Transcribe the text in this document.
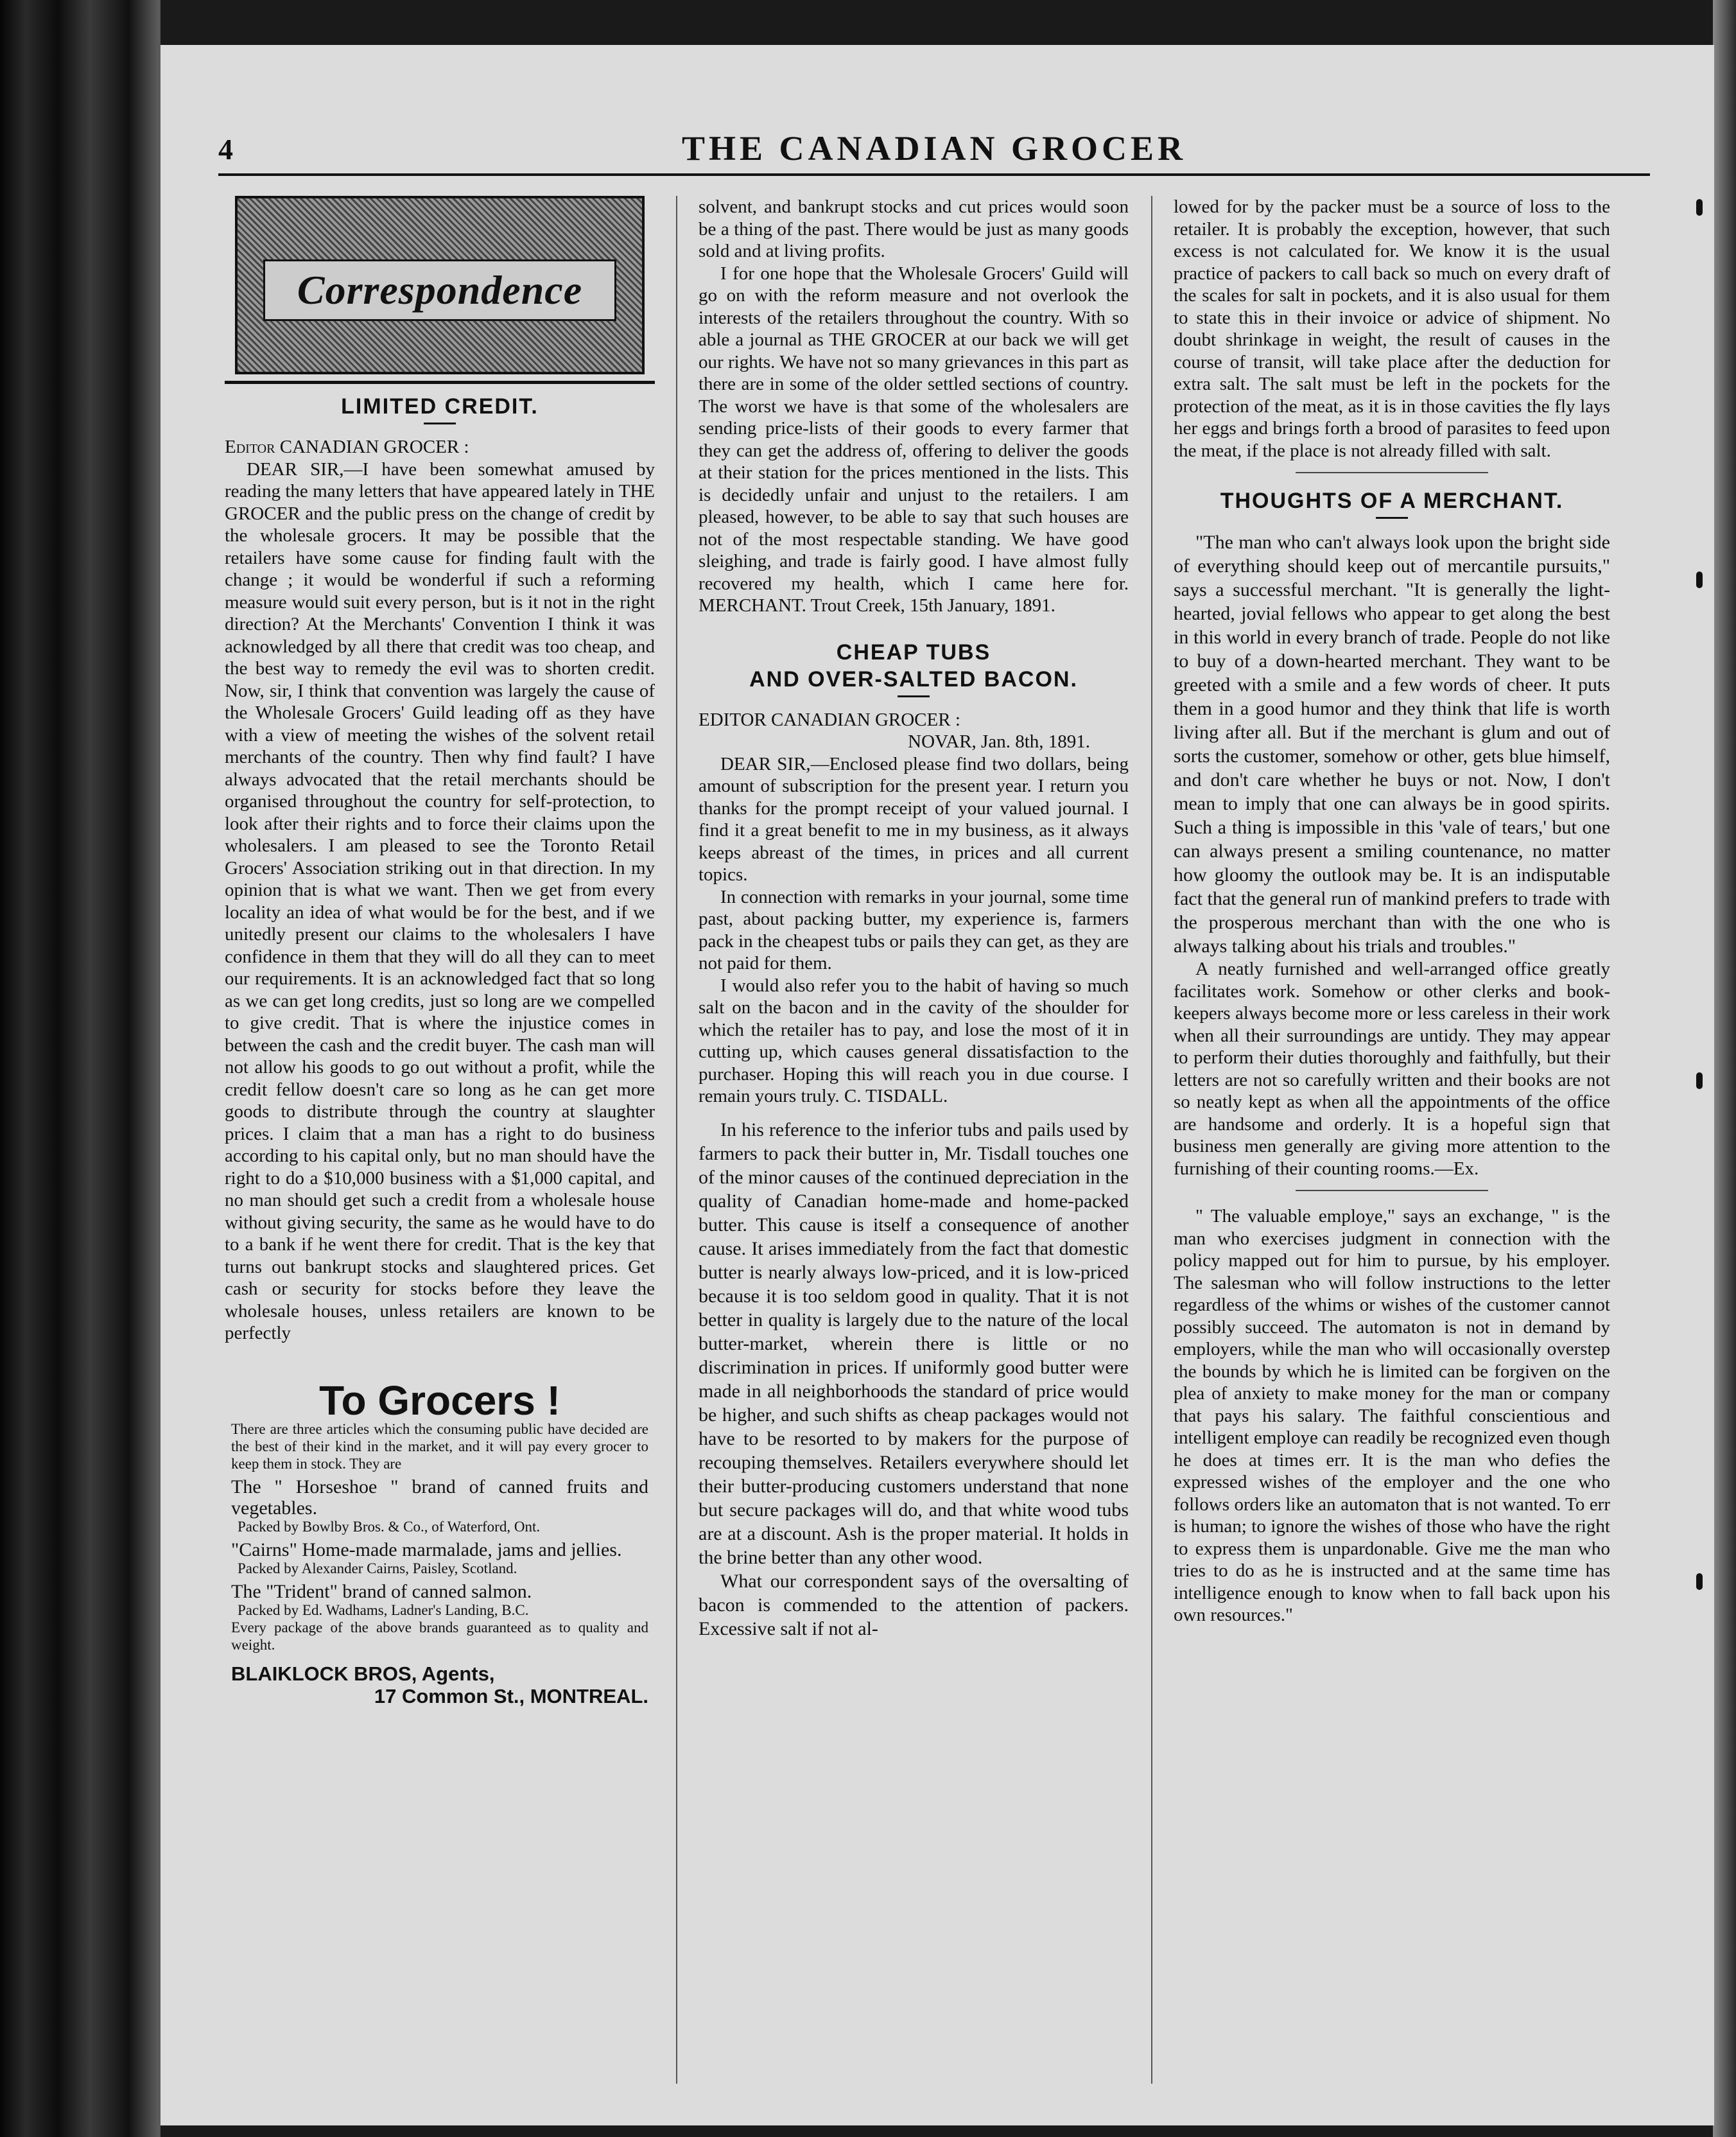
4	THE CANADIAN GROCER
Correspondence
LIMITED CREDIT.

Editor CANADIAN GROCER :

DEAR SIR,—I have been somewhat amused by reading the many letters that have appeared lately in THE GROCER and the public press on the change of credit by the wholesale grocers. It may be possible that the retailers have some cause for finding fault with the change ; it would be wonderful if such a reforming measure would suit every person, but is it not in the right direction? At the Merchants' Convention I think it was acknowledged by all there that credit was too cheap, and the best way to remedy the evil was to shorten credit. Now, sir, I think that convention was largely the cause of the Wholesale Grocers' Guild leading off as they have with a view of meeting the wishes of the solvent retail merchants of the country. Then why find fault? I have always advocated that the retail merchants should be organised throughout the country for self-protection, to look after their rights and to force their claims upon the wholesalers. I am pleased to see the Toronto Retail Grocers' Association striking out in that direction. In my opinion that is what we want. Then we get from every locality an idea of what would be for the best, and if we unitedly present our claims to the wholesalers I have confidence in them that they will do all they can to meet our requirements. It is an acknowledged fact that so long as we can get long credits, just so long are we compelled to give credit. That is where the injustice comes in between the cash and the credit buyer. The cash man will not allow his goods to go out without a profit, while the credit fellow doesn't care so long as he can get more goods to distribute through the country at slaughter prices. I claim that a man has a right to do business according to his capital only, but no man should have the right to do a $10,000 business with a $1,000 capital, and no man should get such a credit from a wholesale house without giving security, the same as he would have to do to a bank if he went there for credit. That is the key that turns out bankrupt stocks and slaughtered prices. Get cash or security for stocks before they leave the wholesale houses, unless retailers are known to be perfectly

To Grocers !

There are three articles which the consuming public have decided are the best of their kind in the market, and it will pay every grocer to keep them in stock. They are

The " Horseshoe " brand of canned fruits and vegetables.

Packed by Bowlby Bros. & Co., of Waterford, Ont.

"Cairns" Home-made marmalade, jams and jellies.

Packed by Alexander Cairns, Paisley, Scotland.

The "Trident" brand of canned salmon.

Packed by Ed. Wadhams, Ladner's Landing, B.C.

Every package of the above brands guaranteed as to quality and weight.

BLAIKLOCK BROS, Agents,

17 Common St., MONTREAL.

solvent, and bankrupt stocks and cut prices would soon be a thing of the past. There would be just as many goods sold and at living profits.

I for one hope that the Wholesale Grocers' Guild will go on with the reform measure and not overlook the interests of the retailers throughout the country. With so able a journal as THE GROCER at our back we will get our rights. We have not so many grievances in this part as there are in some of the older settled sections of country. The worst we have is that some of the wholesalers are sending price-lists of their goods to every farmer that they can get the address of, offering to deliver the goods at their station for the prices mentioned in the lists. This is decidedly unfair and unjust to the retailers. I am pleased, however, to be able to say that such houses are not of the most respectable standing. We have good sleighing, and trade is fairly good. I have almost fully recovered my health, which I came here for. MERCHANT. Trout Creek, 15th January, 1891.

CHEAP TUBS
AND OVER-SALTED BACON.

EDITOR CANADIAN GROCER :

NOVAR, Jan. 8th, 1891.

DEAR SIR,—Enclosed please find two dollars, being amount of subscription for the present year. I return you thanks for the prompt receipt of your valued journal. I find it a great benefit to me in my business, as it always keeps abreast of the times, in prices and all current topics.

In connection with remarks in your journal, some time past, about packing butter, my experience is, farmers pack in the cheapest tubs or pails they can get, as they are not paid for them.

I would also refer you to the habit of having so much salt on the bacon and in the cavity of the shoulder for which the retailer has to pay, and lose the most of it in cutting up, which causes general dissatisfaction to the purchaser. Hoping this will reach you in due course. I remain yours truly. C. TISDALL.

In his reference to the inferior tubs and pails used by farmers to pack their butter in, Mr. Tisdall touches one of the minor causes of the continued depreciation in the quality of Canadian home-made and home-packed butter. This cause is itself a consequence of another cause. It arises immediately from the fact that domestic butter is nearly always low-priced, and it is low-priced because it is too seldom good in quality. That it is not better in quality is largely due to the nature of the local butter-market, wherein there is little or no discrimination in prices. If uniformly good butter were made in all neighborhoods the standard of price would be higher, and such shifts as cheap packages would not have to be resorted to by makers for the purpose of recouping themselves. Retailers everywhere should let their butter-producing customers understand that none but secure packages will do, and that white wood tubs are at a discount. Ash is the proper material. It holds in the brine better than any other wood.

What our correspondent says of the oversalting of bacon is commended to the attention of packers. Excessive salt if not al-

lowed for by the packer must be a source of loss to the retailer. It is probably the exception, however, that such excess is not calculated for. We know it is the usual practice of packers to call back so much on every draft of the scales for salt in pockets, and it is also usual for them to state this in their invoice or advice of shipment. No doubt shrinkage in weight, the result of causes in the course of transit, will take place after the deduction for extra salt. The salt must be left in the pockets for the protection of the meat, as it is in those cavities the fly lays her eggs and brings forth a brood of parasites to feed upon the meat, if the place is not already filled with salt.

THOUGHTS OF A MERCHANT.

"The man who can't always look upon the bright side of everything should keep out of mercantile pursuits," says a successful merchant. "It is generally the light-hearted, jovial fellows who appear to get along the best in this world in every branch of trade. People do not like to buy of a down-hearted merchant. They want to be greeted with a smile and a few words of cheer. It puts them in a good humor and they think that life is worth living after all. But if the merchant is glum and out of sorts the customer, somehow or other, gets blue himself, and don't care whether he buys or not. Now, I don't mean to imply that one can always be in good spirits. Such a thing is impossible in this 'vale of tears,' but one can always present a smiling countenance, no matter how gloomy the outlook may be. It is an indisputable fact that the general run of mankind prefers to trade with the prosperous merchant than with the one who is always talking about his trials and troubles."

A neatly furnished and well-arranged office greatly facilitates work. Somehow or other clerks and book-keepers always become more or less careless in their work when all their surroundings are untidy. They may appear to perform their duties thoroughly and faithfully, but their letters are not so carefully written and their books are not so neatly kept as when all the appointments of the office are handsome and orderly. It is a hopeful sign that business men generally are giving more attention to the furnishing of their counting rooms.—Ex.

" The valuable employe," says an exchange, " is the man who exercises judgment in connection with the policy mapped out for him to pursue, by his employer. The salesman who will follow instructions to the letter regardless of the whims or wishes of the customer cannot possibly succeed. The automaton is not in demand by employers, while the man who will occasionally overstep the bounds by which he is limited can be forgiven on the plea of anxiety to make money for the man or company that pays his salary. The faithful conscientious and intelligent employe can readily be recognized even though he does at times err. It is the man who defies the expressed wishes of the employer and the one who follows orders like an automaton that is not wanted. To err is human; to ignore the wishes of those who have the right to express them is unpardonable. Give me the man who tries to do as he is instructed and at the same time has intelligence enough to know when to fall back upon his own resources."
